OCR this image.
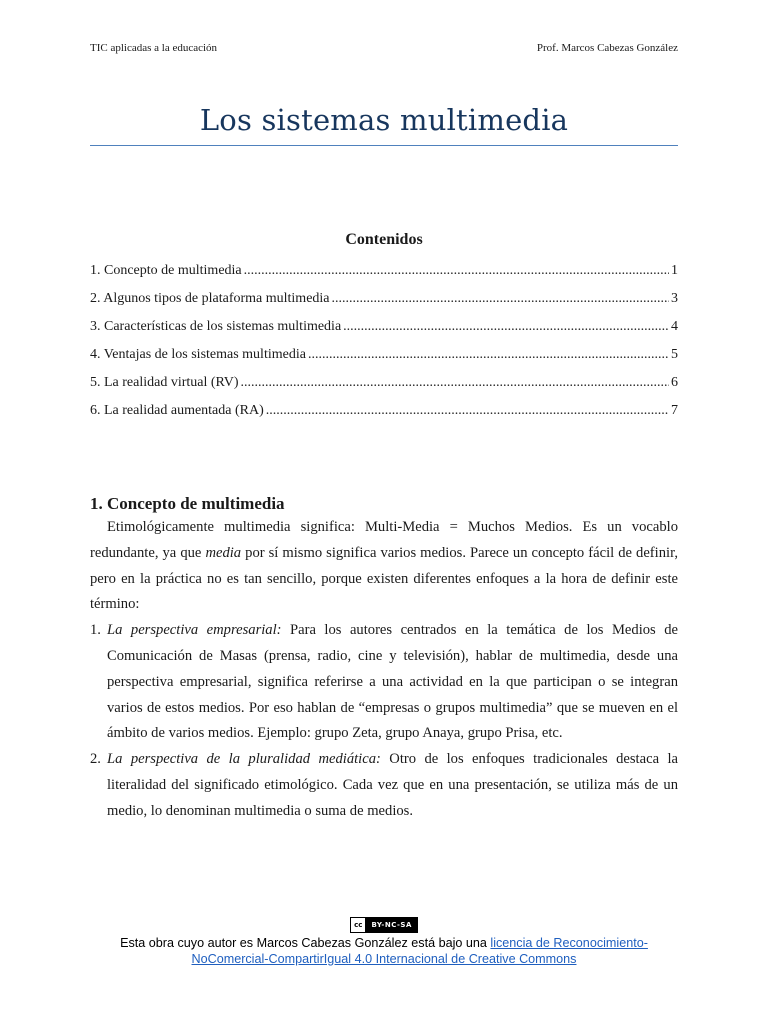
TIC aplicadas a la educación	Prof. Marcos Cabezas González
Los sistemas multimedia
Contenidos
1. Concepto de multimedia .....	1
2. Algunos tipos de plataforma multimedia .....	3
3. Características de los sistemas multimedia .....	4
4. Ventajas de los sistemas multimedia .....	5
5. La realidad virtual (RV) .....	6
6. La realidad aumentada (RA) .....	7
1. Concepto de multimedia

Etimológicamente multimedia significa: Multi-Media = Muchos Medios. Es un vocablo redundante, ya que media por sí mismo significa varios medios. Parece un concepto fácil de definir, pero en la práctica no es tan sencillo, porque existen diferentes enfoques a la hora de definir este término:

1. La perspectiva empresarial: Para los autores centrados en la temática de los Medios de Comunicación de Masas (prensa, radio, cine y televisión), hablar de multimedia, desde una perspectiva empresarial, significa referirse a una actividad en la que participan o se integran varios de estos medios. Por eso hablan de “empresas o grupos multimedia” que se mueven en el ámbito de varios medios. Ejemplo: grupo Zeta, grupo Anaya, grupo Prisa, etc.
2. La perspectiva de la pluralidad mediática: Otro de los enfoques tradicionales destaca la literalidad del significado etimológico. Cada vez que en una presentación, se utiliza más de un medio, lo denominan multimedia o suma de medios.
cc	BY-NC-SA
Esta obra cuyo autor es Marcos Cabezas González está bajo una licencia de Reconocimiento-NoComercial-CompartirIgual 4.0 Internacional de Creative Commons
